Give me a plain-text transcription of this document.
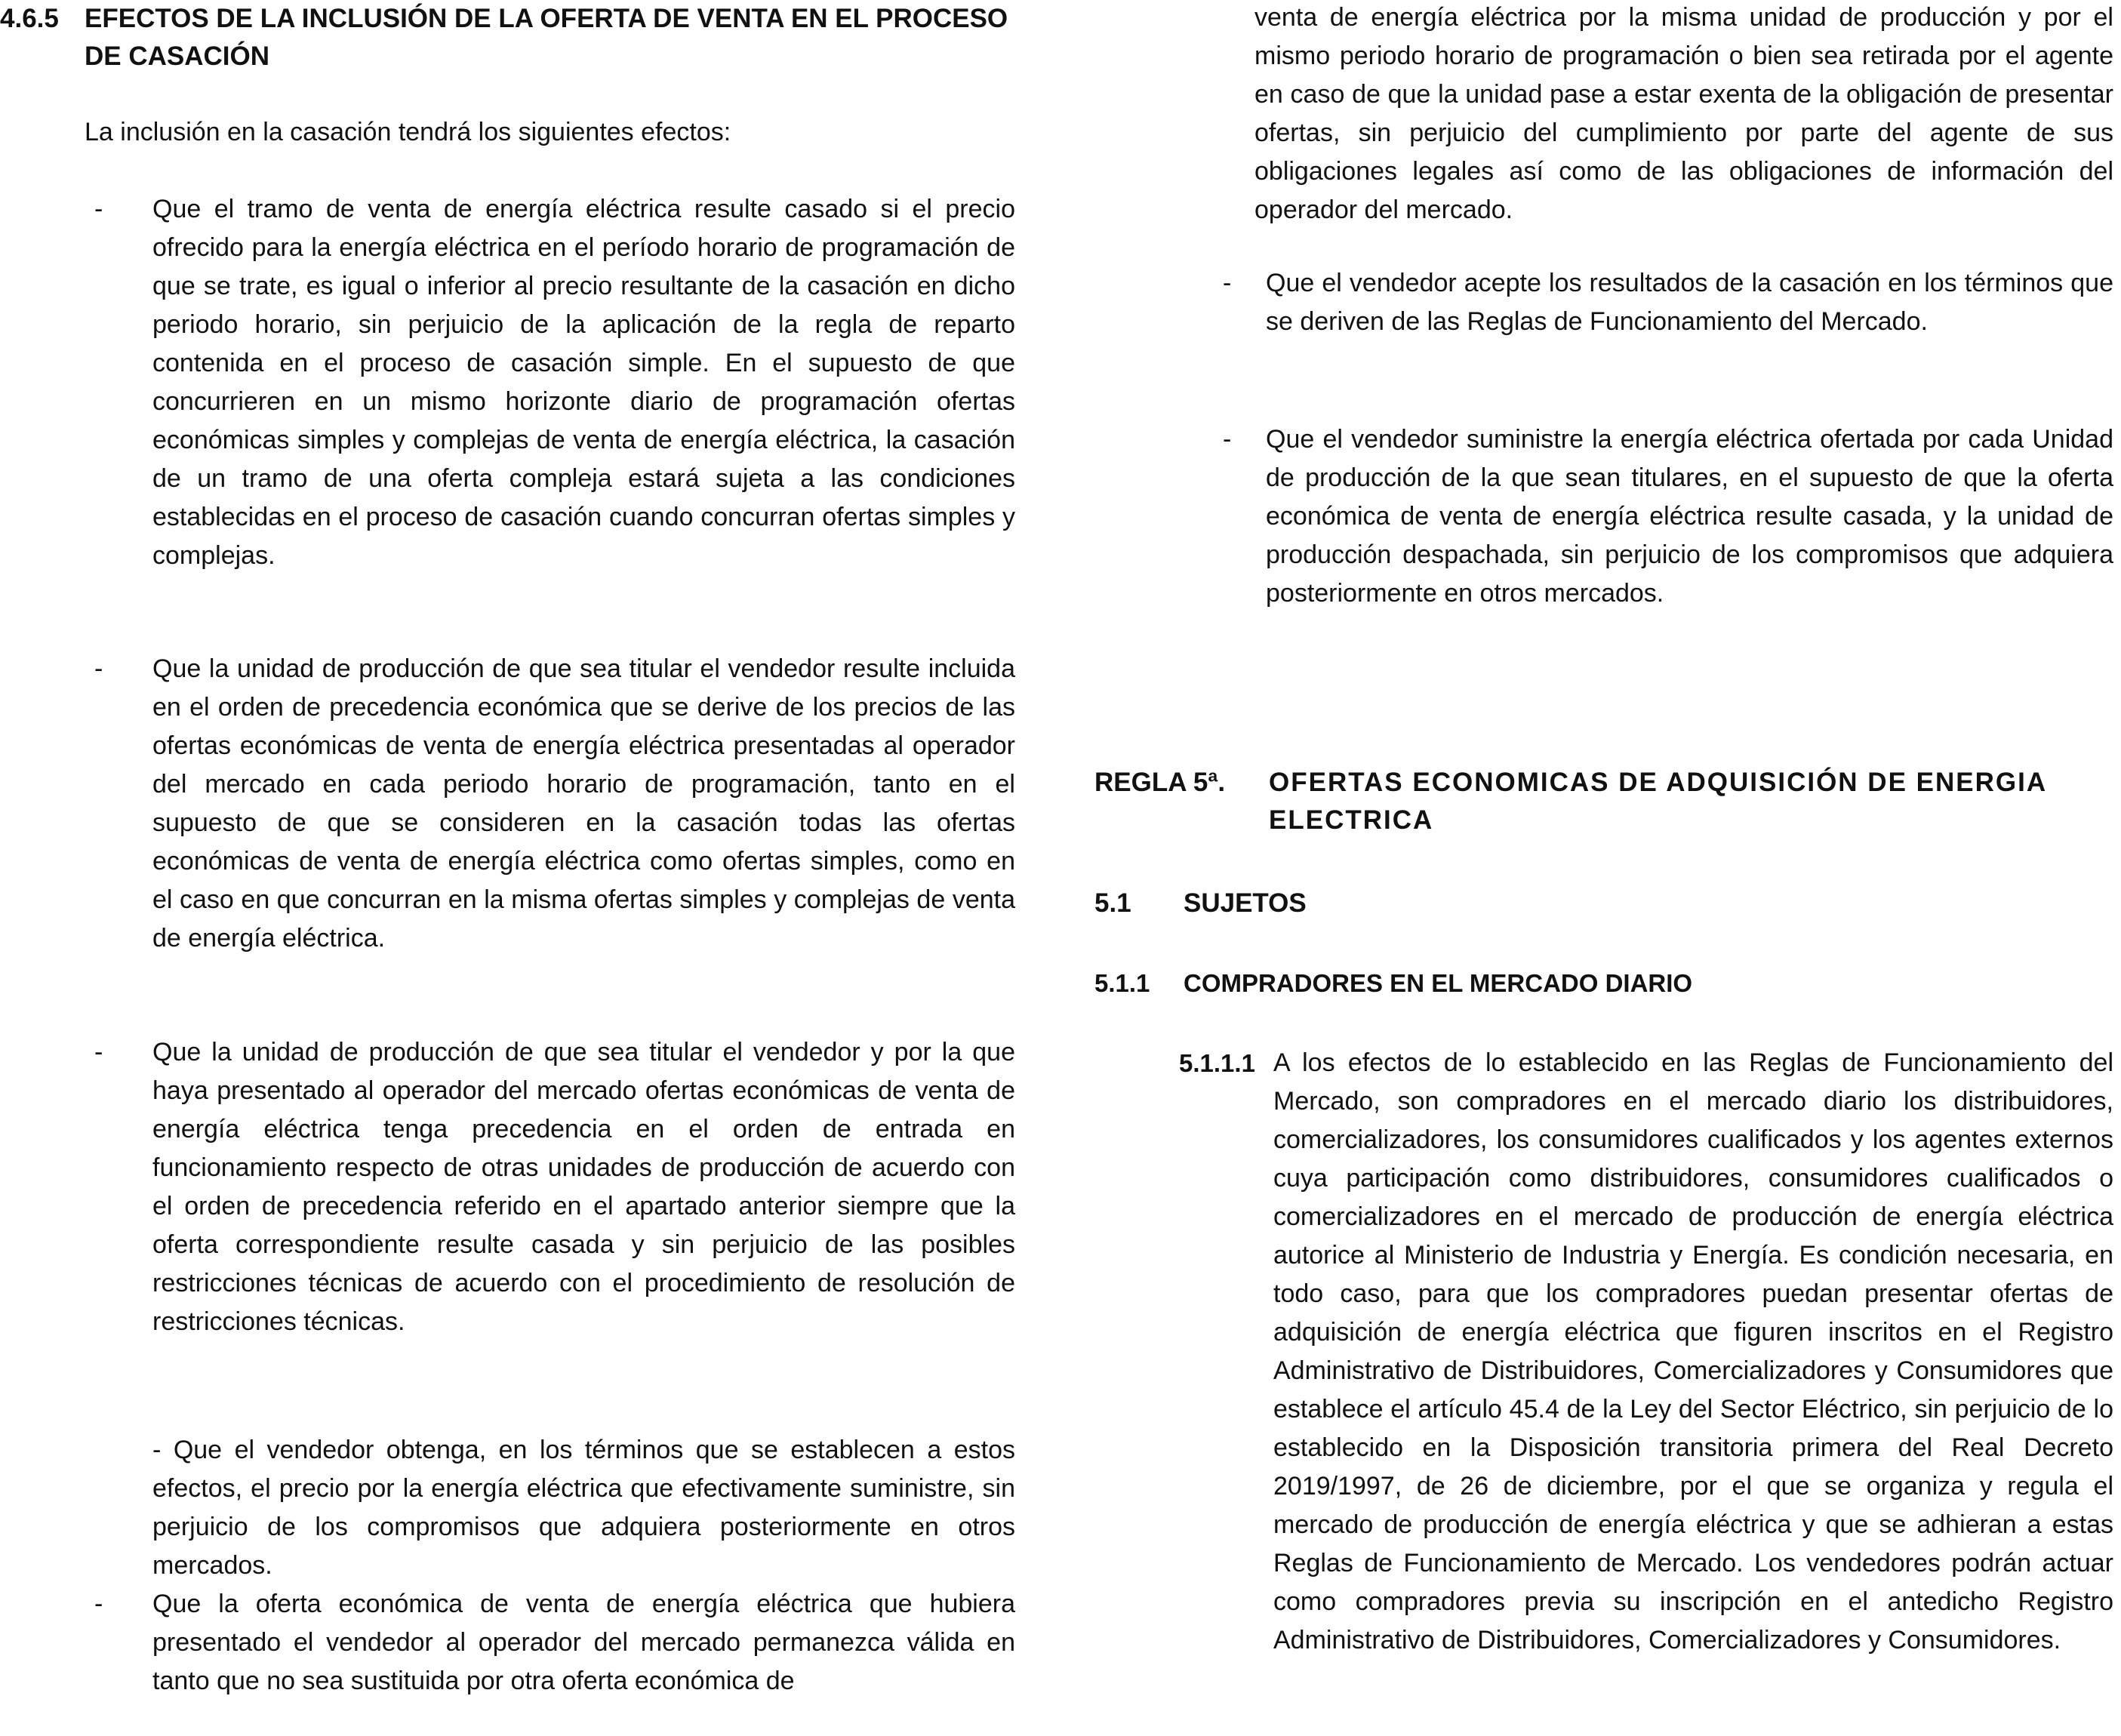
4.6.5 EFECTOS DE LA INCLUSIÓN DE LA OFERTA DE VENTA EN EL PROCESO DE CASACIÓN

La inclusión en la casación tendrá los siguientes efectos:

-	Que el tramo de venta de energía eléctrica resulte casado si el precio ofrecido para la energía eléctrica en el período horario de programación de que se trate, es igual o inferior al precio resultante de la casación en dicho periodo horario, sin perjuicio de la aplicación de la regla de reparto contenida en el proceso de casación simple. En el supuesto de que concurrieren en un mismo horizonte diario de programación ofertas económicas simples y complejas de venta de energía eléctrica, la casación de un tramo de una oferta compleja estará sujeta a las condiciones establecidas en el proceso de casación cuando concurran ofertas simples y complejas.

-	Que la unidad de producción de que sea titular el vendedor resulte incluida en el orden de precedencia económica que se derive de los precios de las ofertas económicas de venta de energía eléctrica presentadas al operador del mercado en cada periodo horario de programación, tanto en el supuesto de que se consideren en la casación todas las ofertas económicas de venta de energía eléctrica como ofertas simples, como en el caso en que concurran en la misma ofertas simples y complejas de venta de energía eléctrica.

-	Que la unidad de producción de que sea titular el vendedor y por la que haya presentado al operador del mercado ofertas económicas de venta de energía eléctrica tenga precedencia en el orden de entrada en funcionamiento respecto de otras unidades de producción de acuerdo con el orden de precedencia referido en el apartado anterior siempre que la oferta correspondiente resulte casada y sin perjuicio de las posibles restricciones técnicas de acuerdo con el procedimiento de resolución de restricciones técnicas.

- Que el vendedor obtenga, en los términos que se establecen a estos efectos, el precio por la energía eléctrica que efectivamente suministre, sin perjuicio de los compromisos que adquiera posteriormente en otros mercados.

-	Que la oferta económica de venta de energía eléctrica que hubiera presentado el vendedor al operador del mercado permanezca válida en tanto que no sea sustituida por otra oferta económica de

venta de energía eléctrica por la misma unidad de producción y por el mismo periodo horario de programación o bien sea retirada por el agente en caso de que la unidad pase a estar exenta de la obligación de presentar ofertas, sin perjuicio del cumplimiento por parte del agente de sus obligaciones legales así como de las obligaciones de información del operador del mercado.

-	Que el vendedor acepte los resultados de la casación en los términos que se deriven de las Reglas de Funcionamiento del Mercado.

-	Que el vendedor suministre la energía eléctrica ofertada por cada Unidad de producción de la que sean titulares, en el supuesto de que la oferta económica de venta de energía eléctrica resulte casada, y la unidad de producción despachada, sin perjuicio de los compromisos que adquiera posteriormente en otros mercados.

REGLA 5ª.	OFERTAS ECONOMICAS DE ADQUISICIÓN DE ENERGIA ELECTRICA
5.1	SUJETOS
5.1.1	COMPRADORES EN EL MERCADO DIARIO
5.1.1.1 A los efectos de lo establecido en las Reglas de Funcionamiento del Mercado, son compradores en el mercado diario los distribuidores, comercializadores, los consumidores cualificados y los agentes externos cuya participación como distribuidores, consumidores cualificados o comercializadores en el mercado de producción de energía eléctrica autorice al Ministerio de Industria y Energía. Es condición necesaria, en todo caso, para que los compradores puedan presentar ofertas de adquisición de energía eléctrica que figuren inscritos en el Registro Administrativo de Distribuidores, Comercializadores y Consumidores que establece el artículo 45.4 de la Ley del Sector Eléctrico, sin perjuicio de lo establecido en la Disposición transitoria primera del Real Decreto 2019/1997, de 26 de diciembre, por el que se organiza y regula el mercado de producción de energía eléctrica y que se adhieran a estas Reglas de Funcionamiento de Mercado. Los vendedores podrán actuar como compradores previa su inscripción en el antedicho Registro Administrativo de Distribuidores, Comercializadores y Consumidores.
